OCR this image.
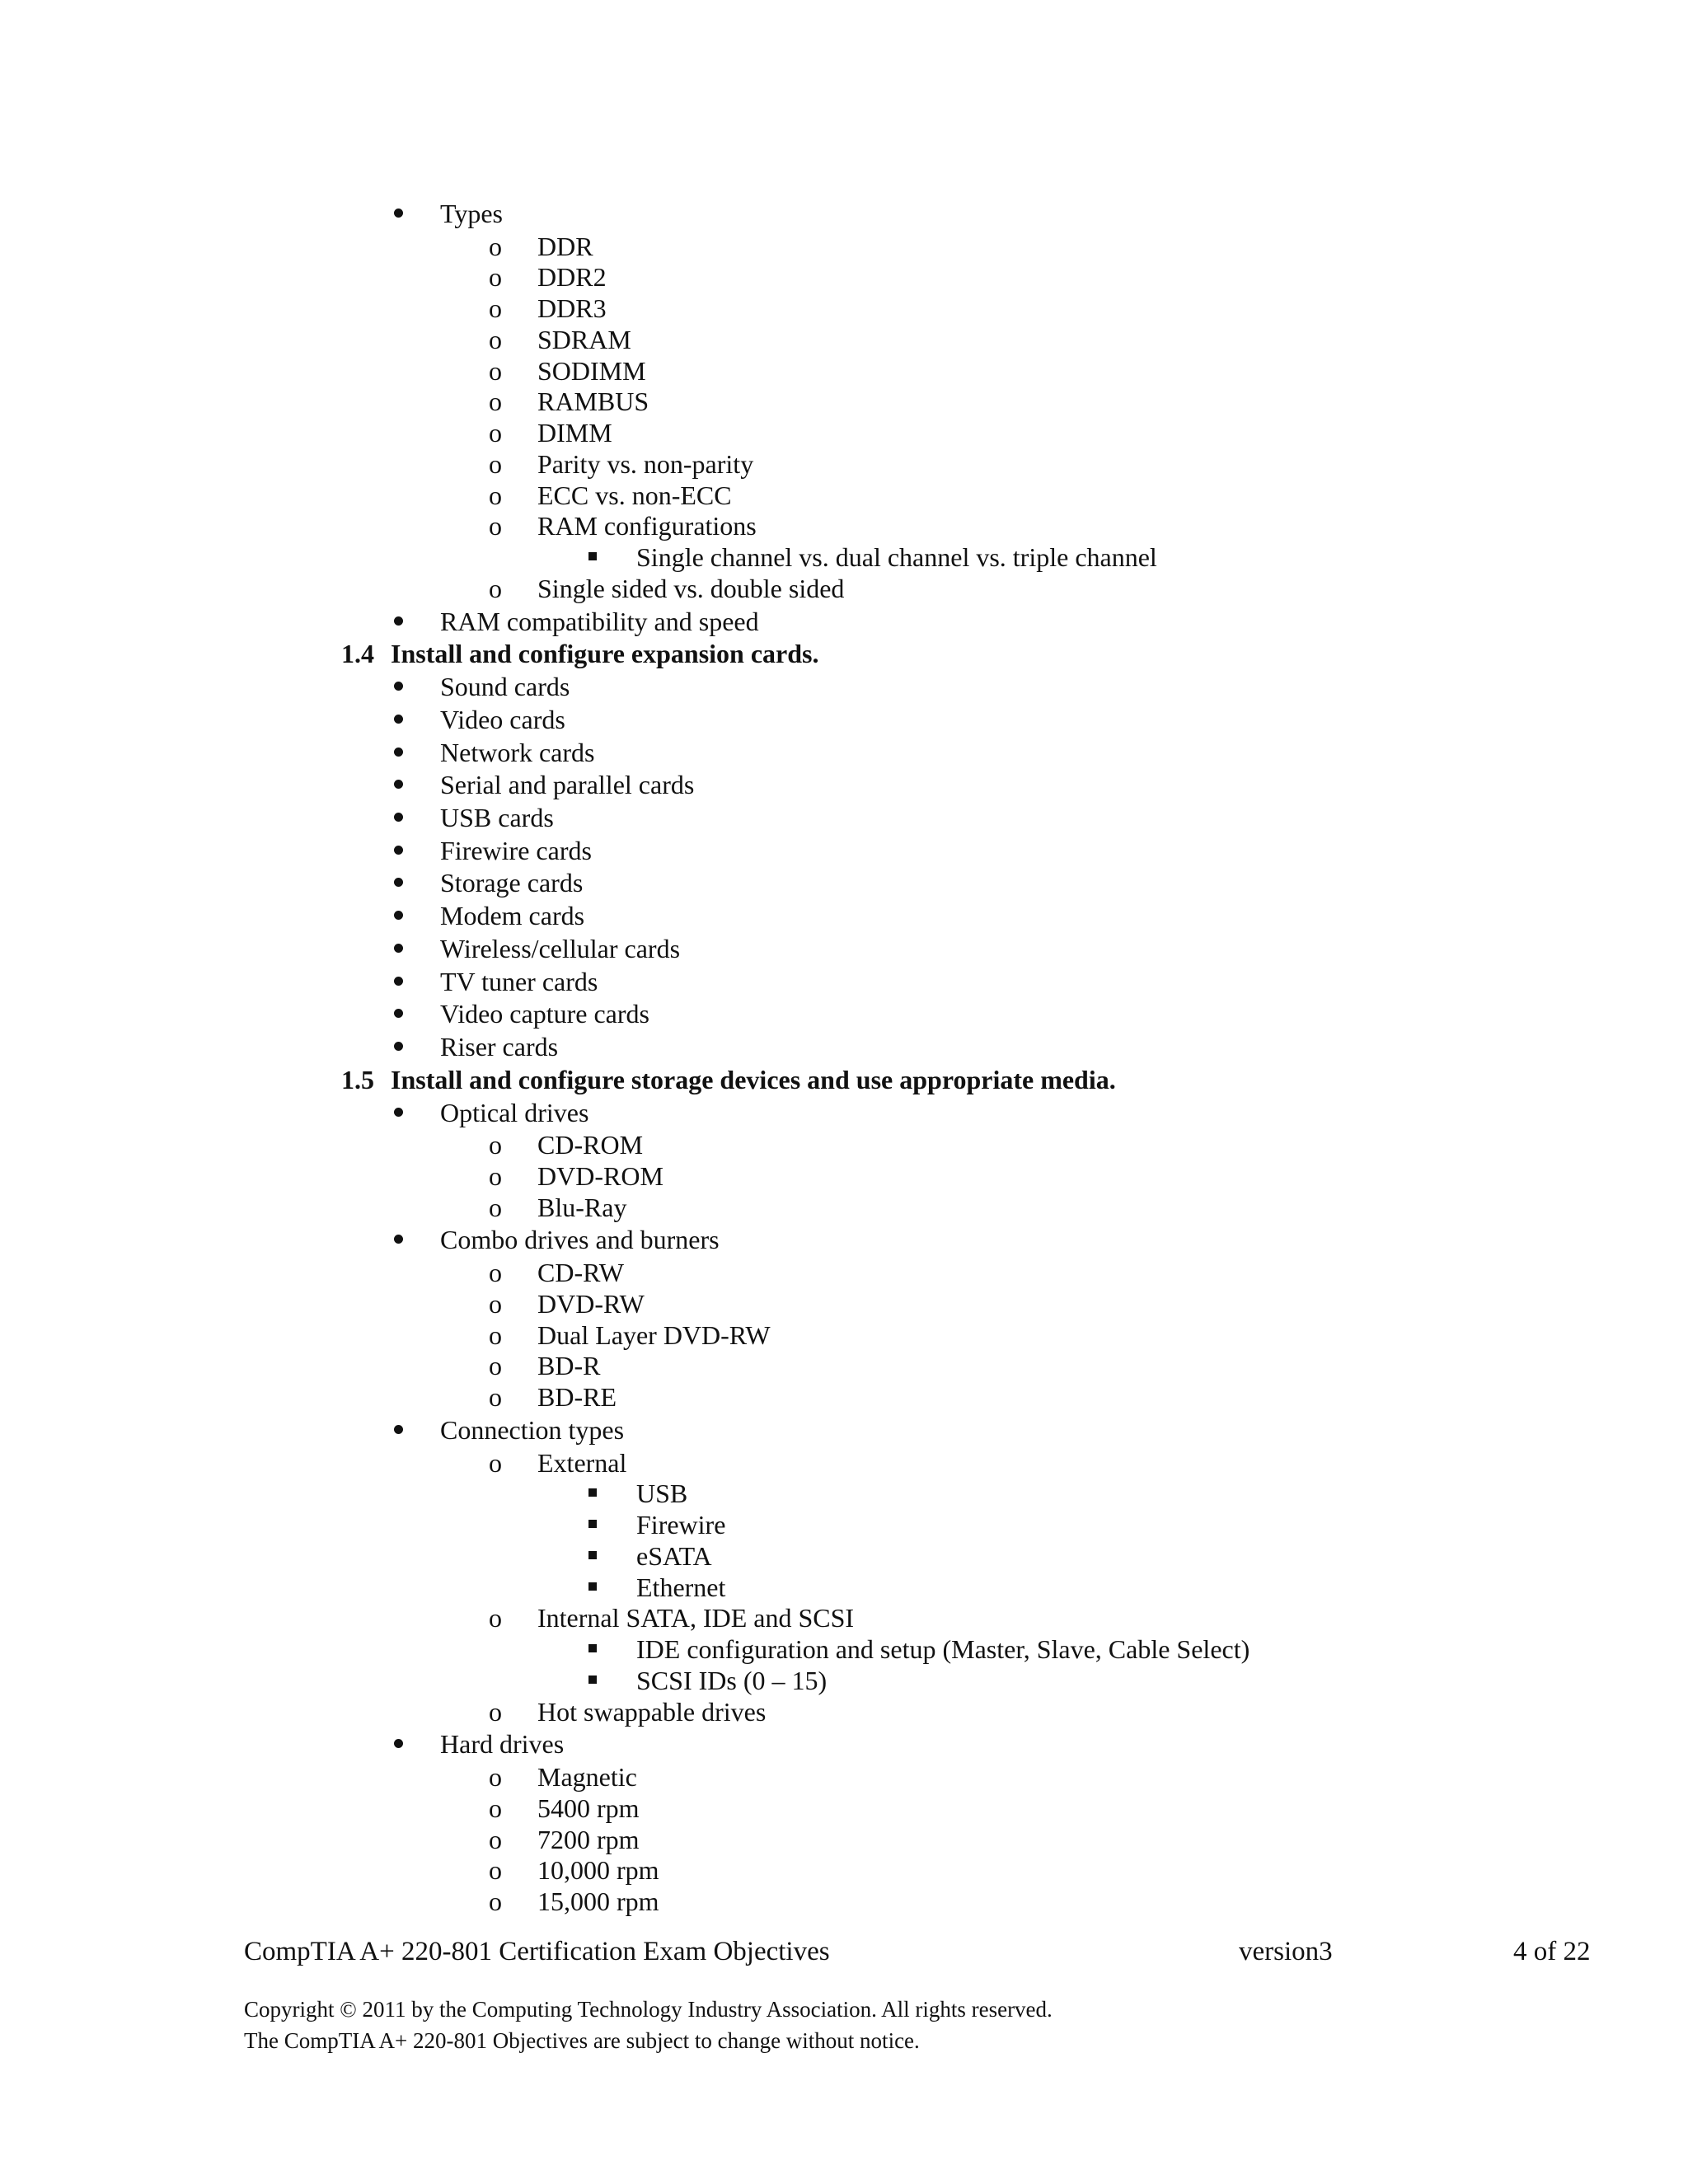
Types
o DDR
o DDR2
o DDR3
o SDRAM
o SODIMM
o RAMBUS
o DIMM
o Parity vs. non-parity
o ECC vs. non-ECC
o RAM configurations
Single channel vs. dual channel vs. triple channel
o Single sided vs. double sided
RAM compatibility and speed
1.4 Install and configure expansion cards.
Sound cards
Video cards
Network cards
Serial and parallel cards
USB cards
Firewire cards
Storage cards
Modem cards
Wireless/cellular cards
TV tuner cards
Video capture cards
Riser cards
1.5 Install and configure storage devices and use appropriate media.
Optical drives
o CD-ROM
o DVD-ROM
o Blu-Ray
Combo drives and burners
o CD-RW
o DVD-RW
o Dual Layer DVD-RW
o BD-R
o BD-RE
Connection types
o External
USB
Firewire
eSATA
Ethernet
o Internal SATA, IDE and SCSI
IDE configuration and setup (Master, Slave, Cable Select)
SCSI IDs (0 – 15)
o Hot swappable drives
Hard drives
o Magnetic
o 5400 rpm
o 7200 rpm
o 10,000 rpm
o 15,000 rpm
CompTIA A+ 220-801 Certification Exam Objectives	version3	4 of 22
Copyright © 2011 by the Computing Technology Industry Association. All rights reserved.
The CompTIA A+ 220-801 Objectives are subject to change without notice.
